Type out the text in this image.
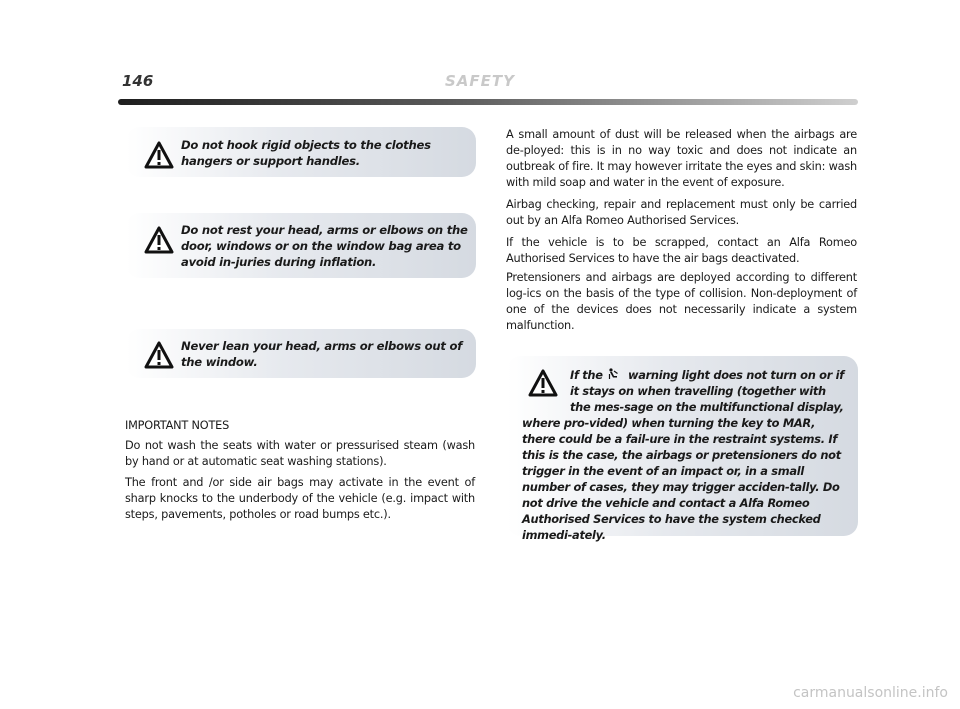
146	SAFETY

Do not hook rigid objects to the clothes hangers or support handles.

Do not rest your head, arms or elbows on the door, windows or on the window bag area to avoid in-juries during inflation.

Never lean your head, arms or elbows out of the window.

IMPORTANT NOTES

Do not wash the seats with water or pressurised steam (wash by hand or at automatic seat washing stations).

The front and /or side air bags may activate in the event of sharp knocks to the underbody of the vehicle (e.g. impact with steps, pavements, potholes or road bumps etc.).

A small amount of dust will be released when the airbags are de-ployed: this is in no way toxic and does not indicate an outbreak of fire. It may however irritate the eyes and skin: wash with mild soap and water in the event of exposure.

Airbag checking, repair and replacement must only be carried out by an Alfa Romeo Authorised Services.

If the vehicle is to be scrapped, contact an Alfa Romeo Authorised Services to have the air bags deactivated.

Pretensioners and airbags are deployed according to different log-ics on the basis of the type of collision. Non-deployment of one of the devices does not necessarily indicate a system malfunction.

If the warning light does not turn on or if it stays on when travelling (together with the mes-sage on the multifunctional display, where pro-vided) when turning the key to MAR, there could be a fail-ure in the restraint systems. If this is the case, the airbags or pretensioners do not trigger in the event of an impact or, in a small number of cases, they may trigger acciden-tally. Do not drive the vehicle and contact a Alfa Romeo Authorised Services to have the system checked immedi-ately.

carmanualsonline.info
